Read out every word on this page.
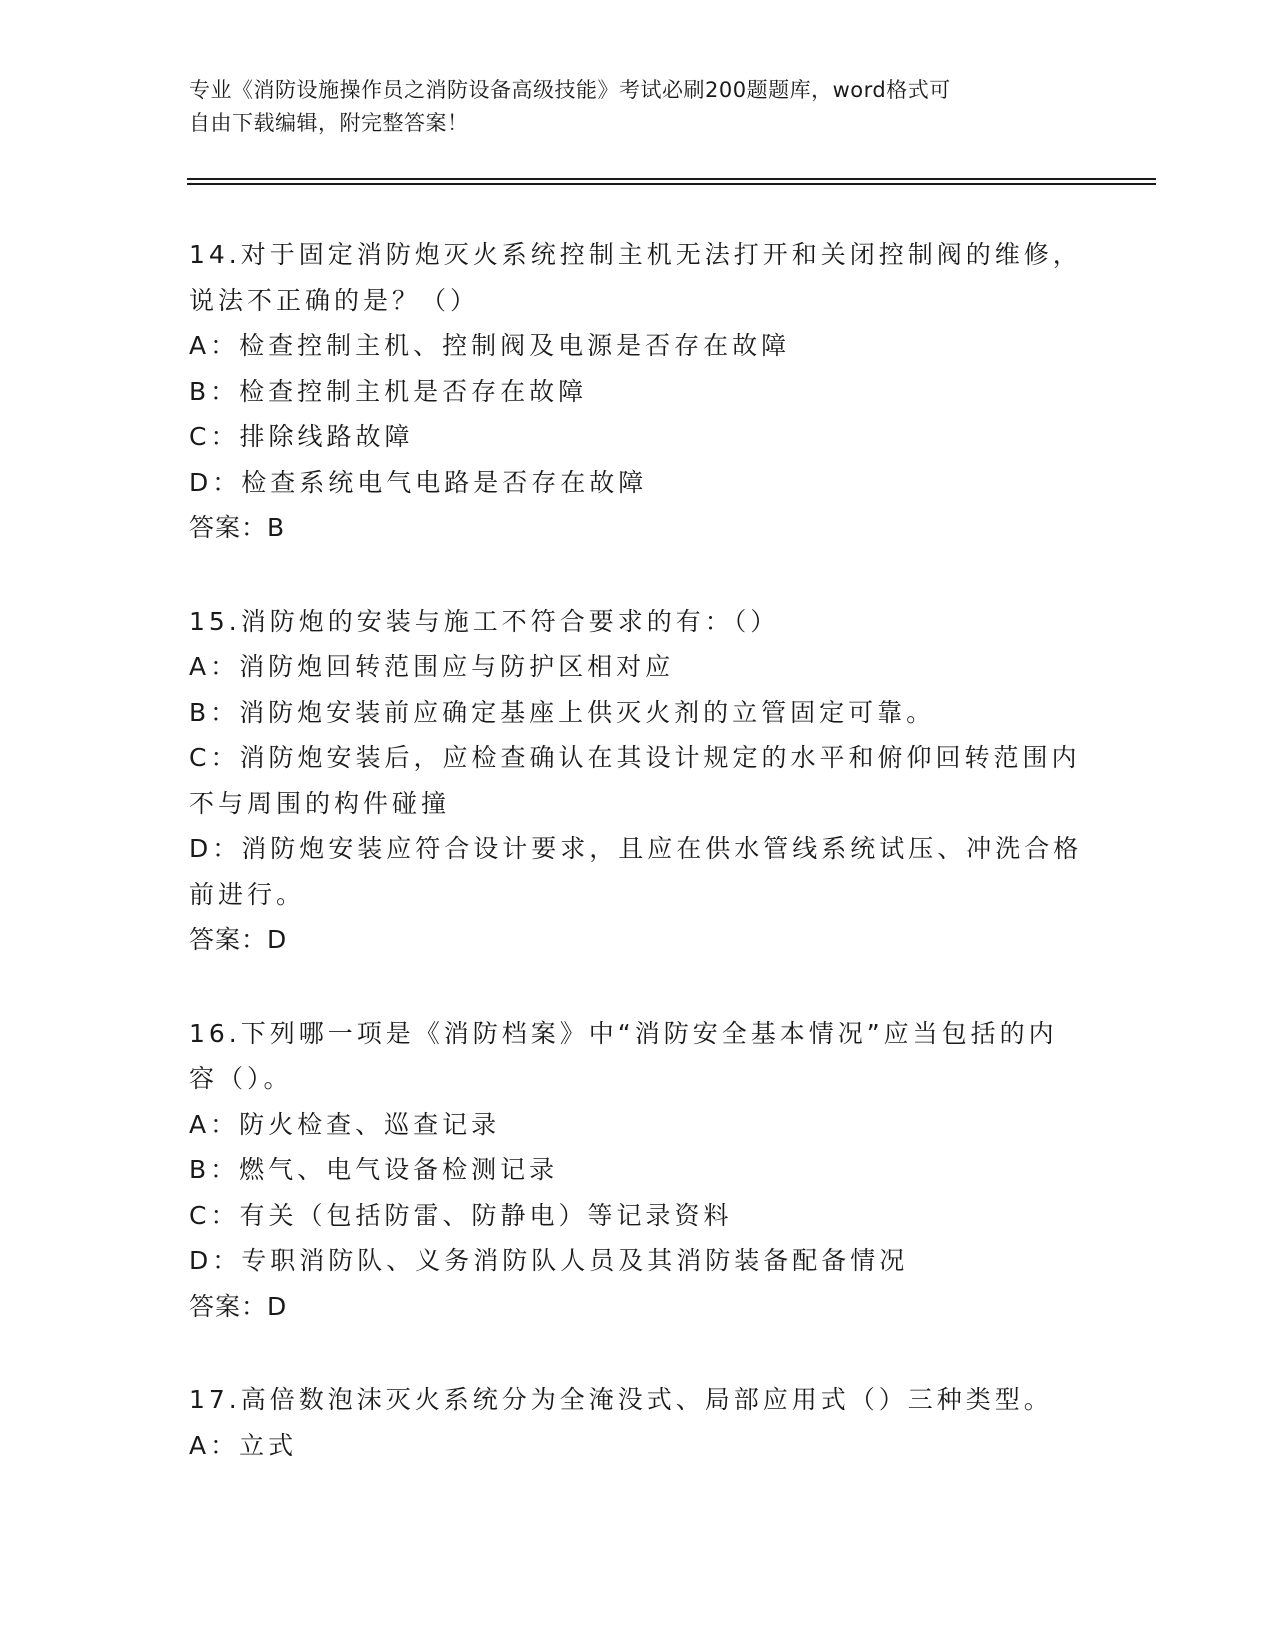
专业《消防设施操作员之消防设备高级技能》考试必刷200题题库，word格式可
自由下载编辑，附完整答案！
14.对于固定消防炮灭火系统控制主机无法打开和关闭控制阀的维修，
说法不正确的是？（）
A：检查控制主机、控制阀及电源是否存在故障
B：检查控制主机是否存在故障
C：排除线路故障
D：检查系统电气电路是否存在故障
答案：B
15.消防炮的安装与施工不符合要求的有：（）
A：消防炮回转范围应与防护区相对应
B：消防炮安装前应确定基座上供灭火剂的立管固定可靠。
C：消防炮安装后，应检查确认在其设计规定的水平和俯仰回转范围内
不与周围的构件碰撞
D：消防炮安装应符合设计要求，且应在供水管线系统试压、冲洗合格
前进行。
答案：D
16.下列哪一项是《消防档案》中“消防安全基本情况”应当包括的内
容（）。
A：防火检查、巡查记录
B：燃气、电气设备检测记录
C：有关（包括防雷、防静电）等记录资料
D：专职消防队、义务消防队人员及其消防装备配备情况
答案：D
17.高倍数泡沫灭火系统分为全淹没式、局部应用式（）三种类型。
A：立式
